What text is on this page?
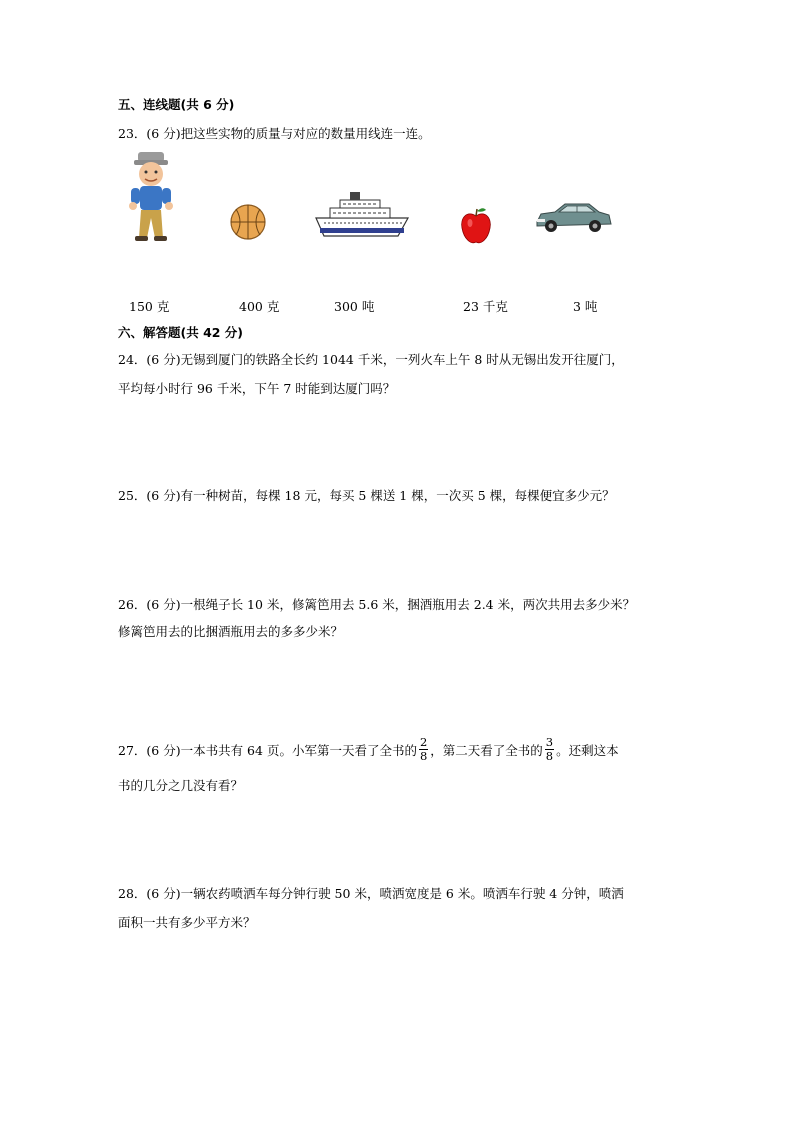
五、连线题(共 6 分)
23．(6 分)把这些实物的质量与对应的数量用线连一连。
150 克	400 克	300 吨	23 千克	3 吨
六、解答题(共 42 分)
24．(6 分)无锡到厦门的铁路全长约 1044 千米，一列火车上午 8 时从无锡出发开往厦门，
平均每小时行 96 千米，下午 7 时能到达厦门吗？
25．(6 分)有一种树苗，每棵 18 元，每买 5 棵送 1 棵，一次买 5 棵，每棵便宜多少元？
26．(6 分)一根绳子长 10 米，修篱笆用去 5.6 米，捆酒瓶用去 2.4 米，两次共用去多少米？
修篱笆用去的比捆酒瓶用去的多多少米？
27．(6 分)一本书共有 64 页。小军第一天看了全书的 $\frac{2}{8}$ ，第二天看了全书的 $\frac{3}{8}$ 。还剩这本
书的几分之几没有看？
28．(6 分)一辆农药喷洒车每分钟行驶 50 米，喷洒宽度是 6 米。喷洒车行驶 4 分钟，喷洒
面积一共有多少平方米？
